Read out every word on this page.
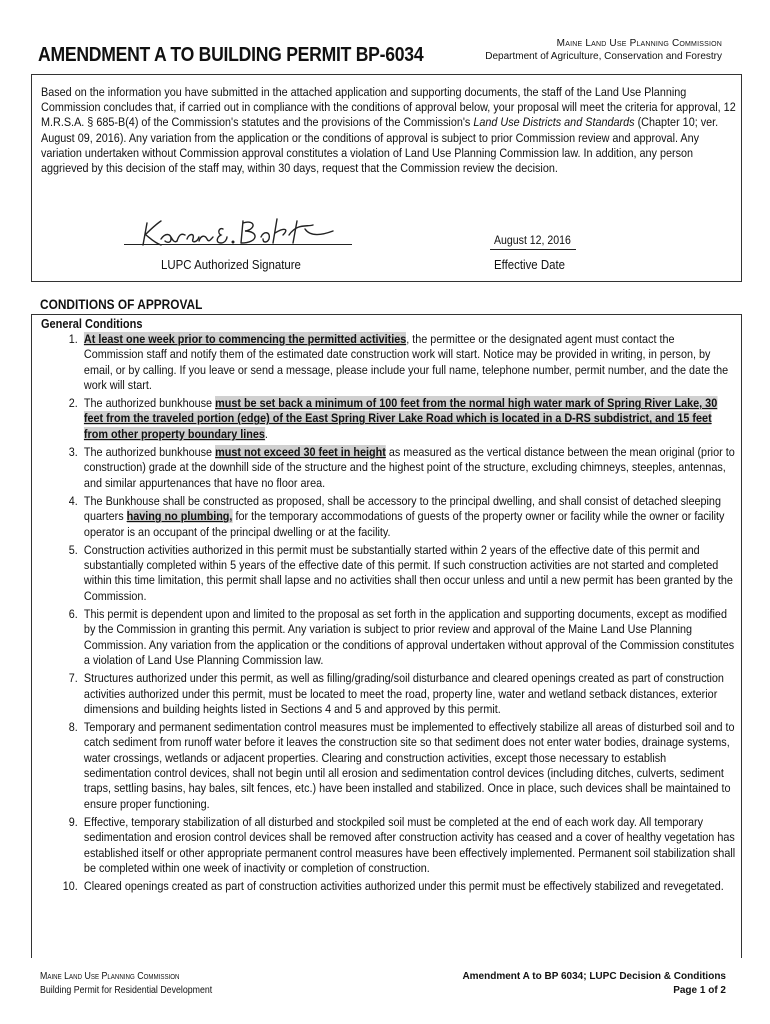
AMENDMENT A TO BUILDING PERMIT BP-6034
Maine Land Use Planning Commission
Department of Agriculture, Conservation and Forestry
Based on the information you have submitted in the attached application and supporting documents, the staff of the Land Use Planning Commission concludes that, if carried out in compliance with the conditions of approval below, your proposal will meet the criteria for approval, 12 M.R.S.A. § 685-B(4) of the Commission's statutes and the provisions of the Commission's Land Use Districts and Standards (Chapter 10; ver. August 09, 2016). Any variation from the application or the conditions of approval is subject to prior Commission review and approval. Any variation undertaken without Commission approval constitutes a violation of Land Use Planning Commission law. In addition, any person aggrieved by this decision of the staff may, within 30 days, request that the Commission review the decision.
LUPC Authorized Signature
August 12, 2016
Effective Date
CONDITIONS OF APPROVAL
General Conditions
1. At least one week prior to commencing the permitted activities, the permittee or the designated agent must contact the Commission staff and notify them of the estimated date construction work will start. Notice may be provided in writing, in person, by email, or by calling. If you leave or send a message, please include your full name, telephone number, permit number, and the date the work will start.
2. The authorized bunkhouse must be set back a minimum of 100 feet from the normal high water mark of Spring River Lake, 30 feet from the traveled portion (edge) of the East Spring River Lake Road which is located in a D-RS subdistrict, and 15 feet from other property boundary lines.
3. The authorized bunkhouse must not exceed 30 feet in height as measured as the vertical distance between the mean original (prior to construction) grade at the downhill side of the structure and the highest point of the structure, excluding chimneys, steeples, antennas, and similar appurtenances that have no floor area.
4. The Bunkhouse shall be constructed as proposed, shall be accessory to the principal dwelling, and shall consist of detached sleeping quarters having no plumbing, for the temporary accommodations of guests of the property owner or facility while the owner or facility operator is an occupant of the principal dwelling or at the facility.
5. Construction activities authorized in this permit must be substantially started within 2 years of the effective date of this permit and substantially completed within 5 years of the effective date of this permit. If such construction activities are not started and completed within this time limitation, this permit shall lapse and no activities shall then occur unless and until a new permit has been granted by the Commission.
6. This permit is dependent upon and limited to the proposal as set forth in the application and supporting documents, except as modified by the Commission in granting this permit. Any variation is subject to prior review and approval of the Maine Land Use Planning Commission. Any variation from the application or the conditions of approval undertaken without approval of the Commission constitutes a violation of Land Use Planning Commission law.
7. Structures authorized under this permit, as well as filling/grading/soil disturbance and cleared openings created as part of construction activities authorized under this permit, must be located to meet the road, property line, water and wetland setback distances, exterior dimensions and building heights listed in Sections 4 and 5 and approved by this permit.
8. Temporary and permanent sedimentation control measures must be implemented to effectively stabilize all areas of disturbed soil and to catch sediment from runoff water before it leaves the construction site so that sediment does not enter water bodies, drainage systems, water crossings, wetlands or adjacent properties. Clearing and construction activities, except those necessary to establish sedimentation control devices, shall not begin until all erosion and sedimentation control devices (including ditches, culverts, sediment traps, settling basins, hay bales, silt fences, etc.) have been installed and stabilized. Once in place, such devices shall be maintained to ensure proper functioning.
9. Effective, temporary stabilization of all disturbed and stockpiled soil must be completed at the end of each work day. All temporary sedimentation and erosion control devices shall be removed after construction activity has ceased and a cover of healthy vegetation has established itself or other appropriate permanent control measures have been effectively implemented. Permanent soil stabilization shall be completed within one week of inactivity or completion of construction.
10. Cleared openings created as part of construction activities authorized under this permit must be effectively stabilized and revegetated.
Maine Land Use Planning Commission
Building Permit for Residential Development
Amendment A to BP 6034; LUPC Decision & Conditions
Page 1 of 2
